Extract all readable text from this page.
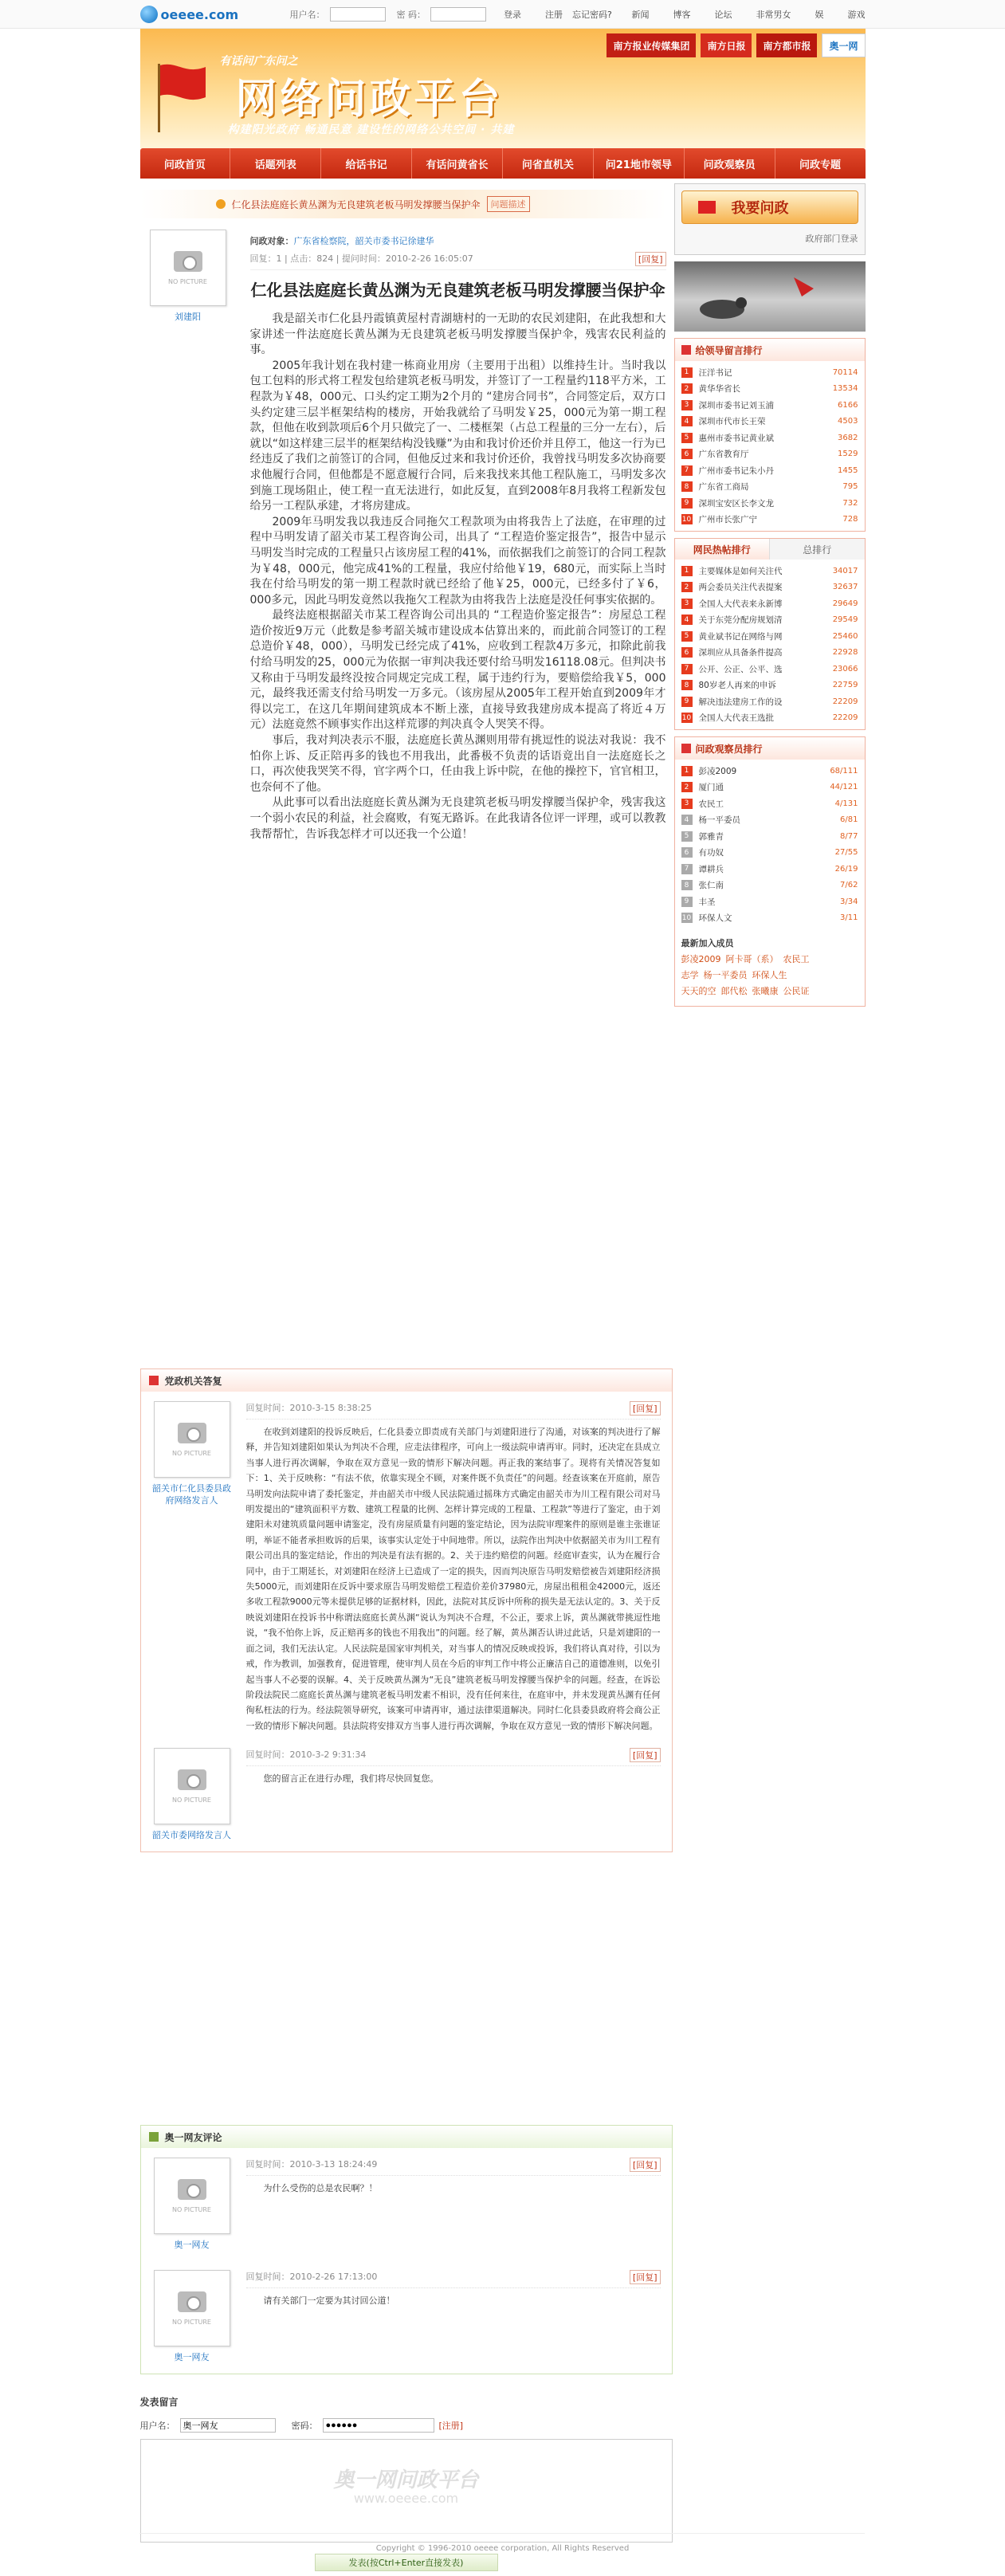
oeeee.com	用户名：	密 码：	登录	注册 忘记密码? 新闻	博客	论坛	非常男女	娱	游戏
有话问广东问之
网络问政平台
构建阳光政府 畅通民意 建设性的网络公共空间 · 共建
南方报业传媒集团	南方日报	南方都市报	奥一网
问政首页	话题列表	给话书记	有话问黄省长	问省直机关	问21地市领导	问政观察员	问政专题
仁化县法庭庭长黄丛渊为无良建筑老板马明发撑腰当保护伞	问题描述
NO PICTURE
刘建阳
问政对象：广东省检察院，韶关市委书记徐建华
回复：1 | 点击：824 | 提问时间：2010-2-26 16:05:07	[回复]
仁化县法庭庭长黄丛渊为无良建筑老板马明发撑腰当保护伞

我是韶关市仁化县丹霞镇黄屋村青湖塘村的一无助的农民刘建阳，在此我想和大家讲述一件法庭庭长黄丛渊为无良建筑老板马明发撑腰当保护伞，残害农民利益的事。

2005年我计划在我村建一栋商业用房（主要用于出租）以维持生计。当时我以包工包料的形式将工程发包给建筑老板马明发，并签订了一工程量约118平方米，工程款为￥48，000元、口头约定工期为2个月的 “建房合同书”，合同签定后，双方口头约定建三层半框架结构的楼房，开始我就给了马明发￥25，000元为第一期工程款，但他在收到款项后6个月只做完了一、二楼框架（占总工程量的三分一左右），后就以“如这样建三层半的框架结构没钱赚”为由和我讨价还价并且停工，他这一行为已经违反了我们之前签订的合同，但他反过来和我讨价还价，我曾找马明发多次协商要求他履行合同，但他都是不愿意履行合同，后来我找来其他工程队施工，马明发多次到施工现场阻止，使工程一直无法进行，如此反复，直到2008年8月我将工程新发包给另一工程队承建，才将房建成。

2009年马明发我以我违反合同拖欠工程款项为由将我告上了法庭，在审理的过程中马明发请了韶关市某工程咨询公司，出具了 “工程造价鉴定报告”，报告中显示马明发当时完成的工程量只占该房屋工程的41%，而依据我们之前签订的合同工程款为￥48，000元，他完成41%的工程量，我应付给他￥19，680元，而实际上当时我在付给马明发的第一期工程款时就已经给了他￥25，000元，已经多付了￥6，000多元，因此马明发竟然以我拖欠工程款为由将我告上法庭是没任何事实依据的。

最终法庭根据韶关市某工程咨询公司出具的 “工程造价鉴定报告”：房屋总工程造价按近9万元（此数是参考韶关城市建设成本估算出来的，而此前合同签订的工程总造价￥48，000），马明发已经完成了41%，应收到工程款4万多元，扣除此前我付给马明发的25，000元为依据一审判决我还要付给马明发16118.08元。但判决书又称由于马明发最终没按合同规定完成工程，属于违约行为，要赔偿给我￥5，000元，最终我还需支付给马明发一万多元。（该房屋从2005年工程开始直到2009年才得以完工，在这几年期间建筑成本不断上涨，直接导致我建房成本提高了将近４万元）法庭竟然不顾事实作出这样荒谬的判决真令人哭笑不得。

事后，我对判决表示不服，法庭庭长黄丛渊则用带有挑逗性的说法对我说：我不怕你上诉、反正陪再多的钱也不用我出，此番极不负责的话语竟出自一法庭庭长之口，再次使我哭笑不得，官字两个口，任由我上诉中院，在他的操控下，官官相卫，也奈何不了他。

从此事可以看出法庭庭长黄丛渊为无良建筑老板马明发撑腰当保护伞，残害我这一个弱小农民的利益，社会腐败，有冤无路诉。在此我请各位评一评理，或可以教教我帮帮忙，告诉我怎样才可以还我一个公道！

我要问政
政府部门登录
给领导留言排行
1	汪洋书记	70114
2	黄华华省长	13534
3	深圳市委书记刘玉浦	6166
4	深圳市代市长王荣	4503
5	惠州市委书记黄业斌	3682
6	广东省教育厅	1529
7	广州市委书记朱小丹	1455
8	广东省工商局	795
9	深圳宝安区长李文龙	732
10 广州市长张广宁	728
网民热帖排行	总排行
1	主要媒体是如何关注代	34017
2	两会委员关注代表提案	32637
3	全国人大代表来永新博	29649
4	关于东莞分配房规划清	29549
5	黄业斌书记在网络与网	25460
6	深圳应从具备条件提高	22928
7	公开、公正、公平、选	23066
8	80岁老人再来的申诉	22759
9	解决违法建房工作的设	22209
10 全国人大代表王选批	22209
问政观察员排行
1	彭凌2009	68/111
2	厦门通	44/121
3	农民工	4/131
4	杨一平委员	6/81
5	郭雅青	8/77
6	有功奴	27/55
7	谭耕兵	26/19
8	张仁南	7/62
9	丰圣	3/34
10 环保人文	3/11
最新加入成员
彭凌2009 阿卡哥（系） 农民工
志学 杨一平委员 环保人生
天天的空 郎代松 张曦康 公民证
党政机关答复
NO PICTURE
韶关市仁化县委县政府网络发言人
回复时间：2010-3-15 8:38:25	[回复]
在收到刘建阳的投诉反映后，仁化县委立即责成有关部门与刘建阳进行了沟通，对该案的判决进行了解释，并告知刘建阳如果认为判决不合理，应走法律程序，可向上一级法院申请再审。同时，还决定在县成立当事人进行再次调解，争取在双方意见一致的情形下解决问题。再正我的案结事了。现将有关情况答复如下：1、关于反映称：“有法不依，依靠实现全不顾，对案件既不负责任”的问题。经查该案在开庭前，原告马明发向法院申请了委托鉴定，并由韶关市中级人民法院通过摇珠方式确定由韶关市为川工程有限公司对马明发提出的“建筑面积平方数、建筑工程量的比例、怎样计算完成的工程量、工程款”等进行了鉴定，由于刘建阳未对建筑质量问题申请鉴定，没有房屋质量有问题的鉴定结论，因为法院审理案件的原则是谁主张谁证明，举证不能者承担败诉的后果，该事实认定处于中间地带。所以，法院作出判决中依据韶关市为川工程有限公司出具的鉴定结论，作出的判决是有法有据的。2、关于违约赔偿的问题。经庭审查实，认为在履行合同中，由于工期延长，对刘建阳在经济上已造成了一定的损失，因而判决原告马明发赔偿被告刘建阳经济损失5000元，而刘建阳在反诉中要求原告马明发赔偿工程造价差价37980元，房屋出租租金42000元，返还多收工程款9000元等未提供足够的证据材料，因此，法院对其反诉中所称的损失是无法认定的。3、关于反映说刘建阳在投诉书中称谓法庭庭长黄丛渊“说认为判决不合理，不公正，要求上诉，黄丛渊就带挑逗性地说，“我不怕你上诉，反正赔再多的钱也不用我出”的问题。经了解，黄丛渊否认讲过此话，只是刘建阳的一面之词，我们无法认定。人民法院是国家审判机关，对当事人的情况反映或投诉，我们将认真对待，引以为戒，作为教训，加强教育，促进管理，使审判人员在今后的审判工作中将公正廉洁自己的道德准则，以免引起当事人不必要的误解。4、关于反映黄丛渊为“无良”建筑老板马明发撑腰当保护伞的问题。经查，在诉讼阶段法院民二庭庭长黄丛渊与建筑老板马明发素不相识，没有任何来往，在庭审中，并未发现黄丛渊有任何徇私枉法的行为。经法院领导研究，该案可申请再审，通过法律渠道解决。同时仁化县委县政府将会商公正一致的情形下解决问题。县法院将安排双方当事人进行再次调解，争取在双方意见一致的情形下解决问题。
NO PICTURE
韶关市委网络发言人
回复时间：2010-3-2 9:31:34	[回复]
您的留言正在进行办理，我们将尽快回复您。
奥一网友评论
NO PICTURE
奥一网友
回复时间：2010-3-13 18:24:49	[回复]
为什么受伤的总是农民啊？！
NO PICTURE
奥一网友
回复时间：2010-2-26 17:13:00	[回复]
请有关部门一定要为其讨回公道！
发表留言
用户名：
奥一网友	密码：
●●●●●●	[注册]
奥一网问政平台
www.oeeee.com
发表(按Ctrl+Enter直接发表)
Copyright © 1996-2010 oeeee corporation, All Rights Reserved
